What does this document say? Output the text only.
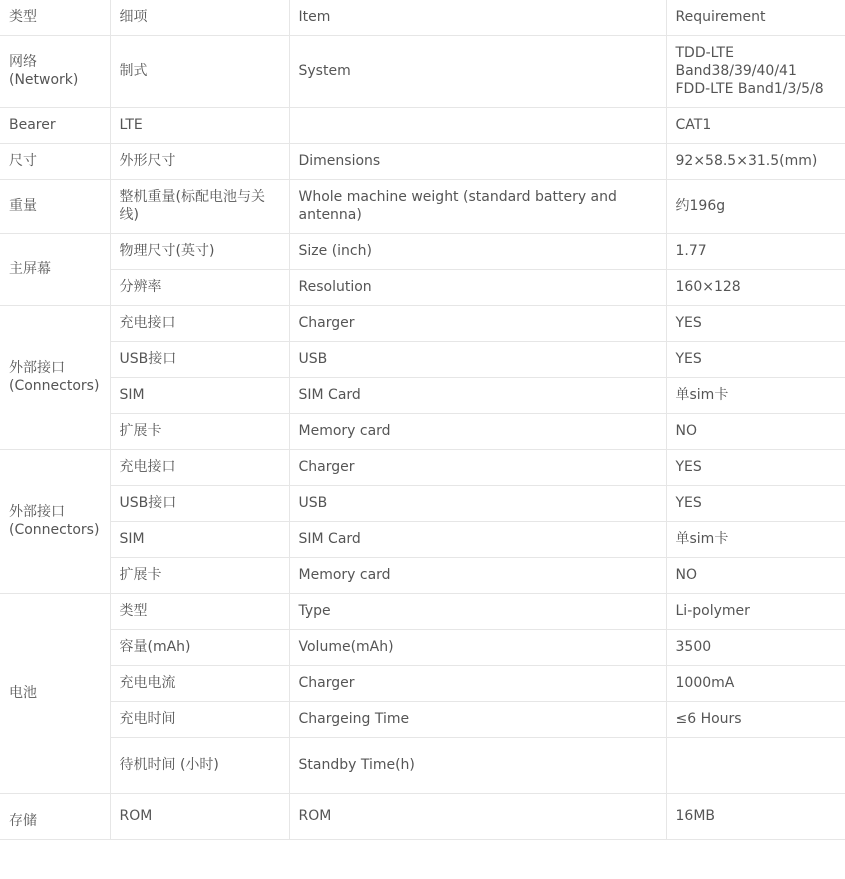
类型	细项	Item	Requirement
网络
(Network)	制式	System	TDD-LTE
Band38/39/40/41
FDD-LTE Band1/3/5/8
Bearer	LTE		CAT1
尺寸	外形尺寸	Dimensions	92×58.5×31.5(mm)
重量	整机重量(标配电池与关线)	Whole machine weight (standard battery and antenna)	约196g
主屏幕	物理尺寸(英寸)	Size (inch)	1.77
	分辨率	Resolution	160×128
外部接口
(Connectors)	充电接口	Charger	YES
	USB接口	USB	YES
	SIM	SIM Card	单sim卡
	扩展卡	Memory card	NO
外部接口
(Connectors)	充电接口	Charger	YES
	USB接口	USB	YES
	SIM	SIM Card	单sim卡
	扩展卡	Memory card	NO
电池	类型	Type	Li-polymer
	容量(mAh)	Volume(mAh)	3500
	充电电流	Charger	1000mA
	充电时间	Chargeing Time	≤6 Hours
	待机时间 (小时)	Standby Time(h)	
存储	ROM	ROM	16MB
